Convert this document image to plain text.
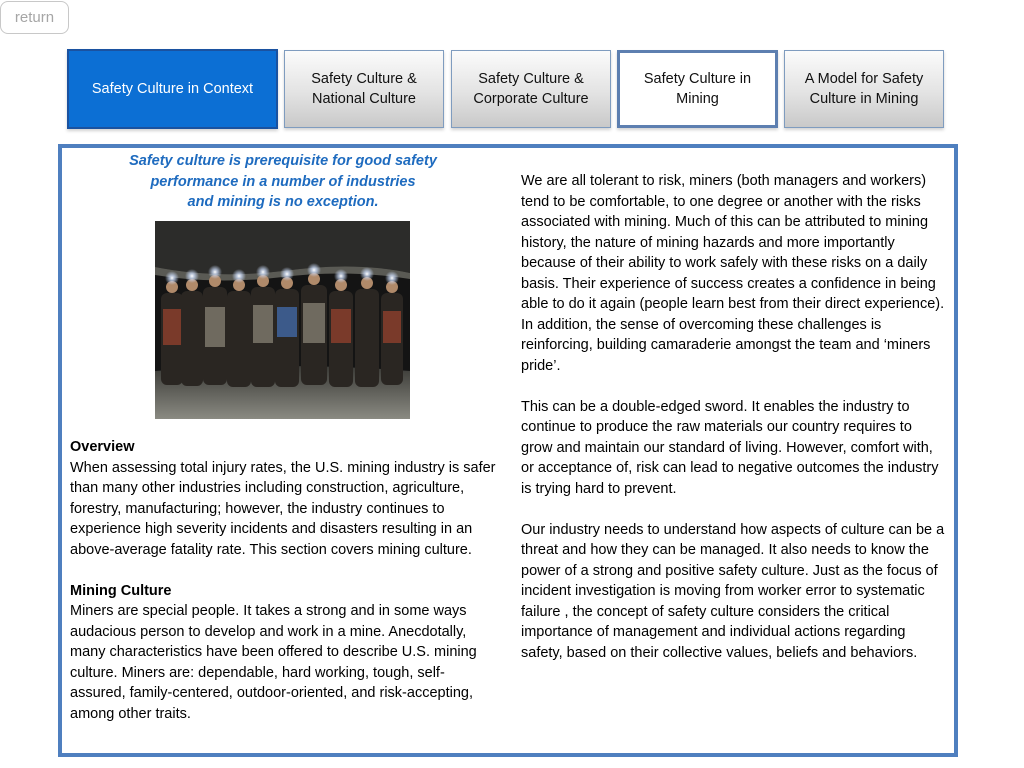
return
Safety Culture in Context
Safety Culture & National Culture
Safety Culture & Corporate Culture
Safety Culture in Mining
A Model for Safety Culture in Mining
Safety culture is prerequisite for good safety
performance in a number of industries
and mining is no exception.
Overview
When assessing total injury rates, the U.S. mining industry is safer than many other industries including construction, agriculture, forestry, manufacturing; however, the industry continues to experience high severity incidents and disasters resulting in an above-average fatality rate. This section covers mining culture.
Mining Culture
Miners are special people. It takes a strong and in some ways audacious person to develop and work in a mine. Anecdotally, many characteristics have been offered to describe U.S. mining culture. Miners are: dependable, hard working, tough, self-assured, family-centered, outdoor-oriented, and risk-accepting, among other traits.

We are all tolerant to risk, miners (both managers and workers) tend to be comfortable, to one degree or another with the risks associated with mining. Much of this can be attributed to mining history, the nature of mining hazards and more importantly because of their ability to work safely with these risks on a daily basis. Their experience of success creates a confidence in being able to do it again (people learn best from their direct experience). In addition, the sense of overcoming these challenges is reinforcing, building camaraderie amongst the team and ‘miners pride’.

This can be a double-edged sword. It enables the industry to continue to produce the raw materials our country requires to grow and maintain our standard of living. However, comfort with, or acceptance of, risk can lead to negative outcomes the industry is trying hard to prevent.

Our industry needs to understand how aspects of culture can be a threat and how they can be managed. It also needs to know the power of a strong and positive safety culture. Just as the focus of incident investigation is moving from worker error to systematic failure , the concept of safety culture considers the critical importance of management and individual actions regarding safety, based on their collective values, beliefs and behaviors.
